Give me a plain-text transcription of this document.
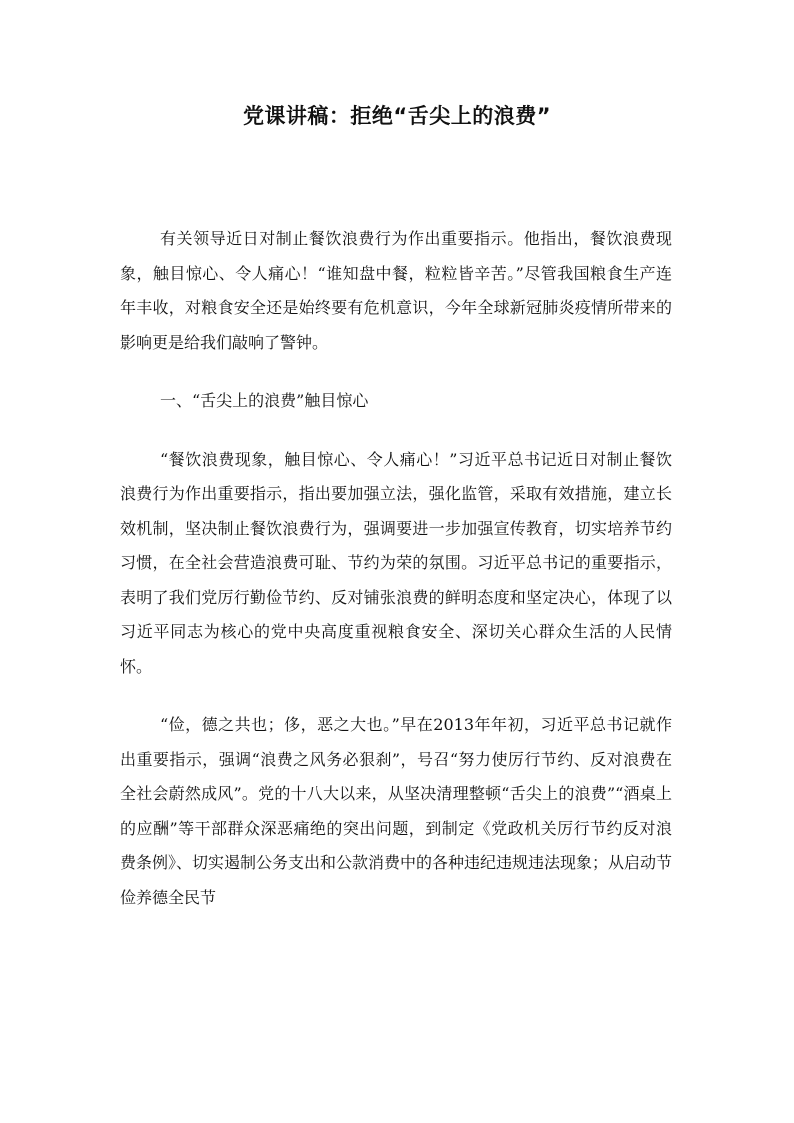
党课讲稿：拒绝“舌尖上的浪费”

有关领导近日对制止餐饮浪费行为作出重要指示。他指出，餐饮浪费现象，触目惊心、令人痛心！“谁知盘中餐，粒粒皆辛苦。”尽管我国粮食生产连年丰收，对粮食安全还是始终要有危机意识，今年全球新冠肺炎疫情所带来的影响更是给我们敲响了警钟。

一、“舌尖上的浪费”触目惊心

“餐饮浪费现象，触目惊心、令人痛心！”习近平总书记近日对制止餐饮浪费行为作出重要指示，指出要加强立法，强化监管，采取有效措施，建立长效机制，坚决制止餐饮浪费行为，强调要进一步加强宣传教育，切实培养节约习惯，在全社会营造浪费可耻、节约为荣的氛围。习近平总书记的重要指示，表明了我们党厉行勤俭节约、反对铺张浪费的鲜明态度和坚定决心，体现了以习近平同志为核心的党中央高度重视粮食安全、深切关心群众生活的人民情怀。

“俭，德之共也；侈，恶之大也。”早在2013年年初，习近平总书记就作出重要指示，强调“浪费之风务必狠刹”，号召“努力使厉行节约、反对浪费在全社会蔚然成风”。党的十八大以来，从坚决清理整顿“舌尖上的浪费”“酒桌上的应酬”等干部群众深恶痛绝的突出问题，到制定《党政机关厉行节约反对浪费条例》、切实遏制公务支出和公款消费中的各种违纪违规违法现象；从启动节俭养德全民节
